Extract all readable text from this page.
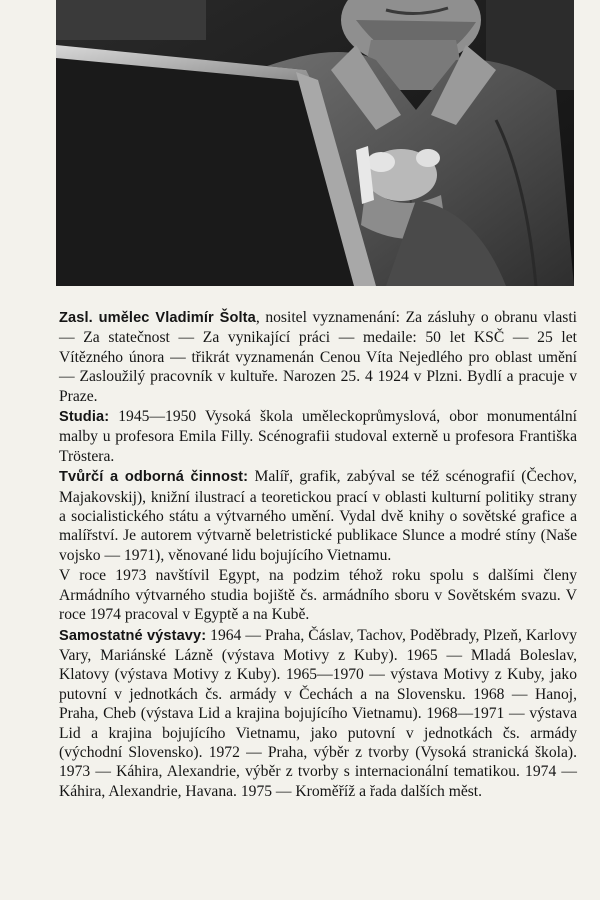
Zasl. umělec Vladimír Šolta, nositel vyznamenání: Za zásluhy o obranu vlasti — Za statečnost — Za vynikající práci — medaile: 50 let KSČ — 25 let Vítězného února — třikrát vyznamenán Cenou Víta Nejedlého pro oblast umění — Zasloužilý pracovník v kultuře. Narozen 25. 4 1924 v Plzni. Bydlí a pracuje v Praze.

Studia: 1945—1950 Vysoká škola uměleckoprůmyslová, obor monumentální malby u profesora Emila Filly. Scénografii studoval externě u profesora Františka Tröstera.

Tvůrčí a odborná činnost: Malíř, grafik, zabýval se též scénografií (Čechov, Majakovskij), knižní ilustrací a teoretickou prací v oblasti kulturní politiky strany a socialistického státu a výtvarného umění. Vydal dvě knihy o sovětské grafice a malířství. Je autorem výtvarně beletristické publikace Slunce a modré stíny (Naše vojsko — 1971), věnované lidu bojujícího Vietnamu.

V roce 1973 navštívil Egypt, na podzim téhož roku spolu s dalšími členy Armádního výtvarného studia bojiště čs. armádního sboru v Sovětském svazu. V roce 1974 pracoval v Egyptě a na Kubě.

Samostatné výstavy: 1964 — Praha, Čáslav, Tachov, Poděbrady, Plzeň, Karlovy Vary, Mariánské Lázně (výstava Motivy z Kuby). 1965 — Mladá Boleslav, Klatovy (výstava Motivy z Kuby). 1965—1970 — výstava Motivy z Kuby, jako putovní v jednotkách čs. armády v Čechách a na Slovensku. 1968 — Hanoj, Praha, Cheb (výstava Lid a krajina bojujícího Vietnamu). 1968—1971 — výstava Lid a krajina bojujícího Vietnamu, jako putovní v jednotkách čs. armády (východní Slovensko). 1972 — Praha, výběr z tvorby (Vysoká stranická škola). 1973 — Káhira, Alexandrie, výběr z tvorby s internacionální tematikou. 1974 — Káhira, Alexandrie, Havana. 1975 — Kroměříž a řada dalších měst.
